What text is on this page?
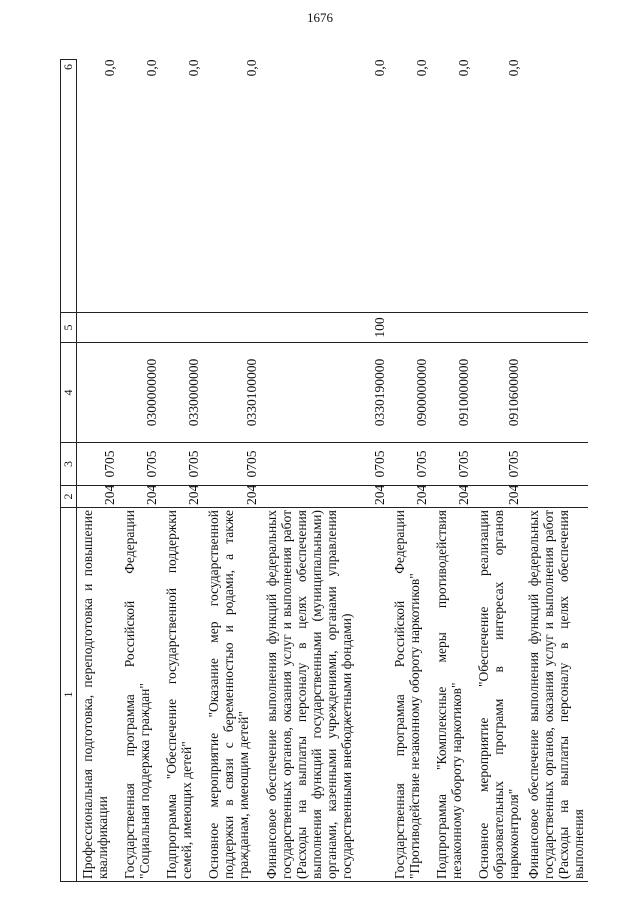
1676
1	2	3	4	5	6
Профессиональная подготовка, переподготовка и повышение квалификации	204	0705			0,0
Государственная программа Российской Федерации "Социальная поддержка граждан"	204	0705	0300000000		0,0
Подпрограмма "Обеспечение государственной поддержки семей, имеющих детей"	204	0705	0330000000		0,0
Основное мероприятие "Оказание мер государственной поддержки в связи с беременностью и родами, а также гражданам, имеющим детей"	204	0705	0330100000		0,0
Финансовое обеспечение выполнения функций федеральных государственных органов, оказания услуг и выполнения работ (Расходы на выплаты персоналу в целях обеспечения выполнения функций государственными (муниципальными) органами, казенными учреждениями, органами управления государственными внебюджетными фондами)	204	0705	0330190000	100	0,0
Государственная программа Российской Федерации "Противодействие незаконному обороту наркотиков"	204	0705	0900000000		0,0
Подпрограмма "Комплексные меры противодействия незаконному обороту наркотиков"	204	0705	0910000000		0,0
Основное мероприятие "Обеспечение реализации образовательных программ в интересах органов наркоконтроля"	204	0705	0910600000		0,0
Финансовое обеспечение выполнения функций федеральных государственных органов, оказания услуг и выполнения работ (Расходы на выплаты персоналу в целях обеспечения выполнения					
